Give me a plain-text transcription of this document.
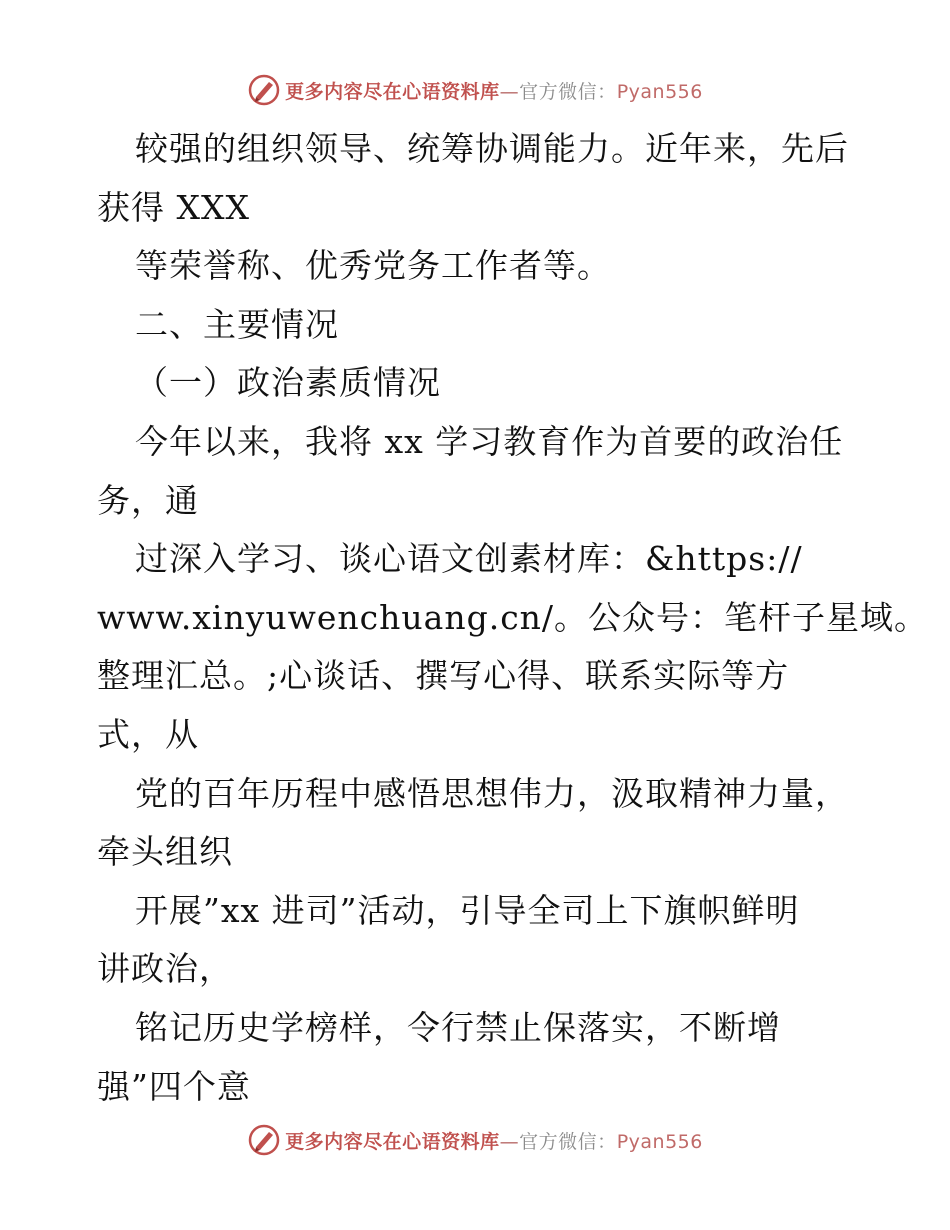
更多内容尽在心语资料库—官方微信：Pyan556
较强的组织领导、统筹协调能力。近年来，先后
获得 XXX
等荣誉称、优秀党务工作者等。
二、主要情况
（一）政治素质情况
今年以来，我将 xx 学习教育作为首要的政治任
务，通
过深入学习、谈心语文创素材库：&https://
www.xinyuwenchuang.cn/。公众号：笔杆子星域。
整理汇总。;心谈话、撰写心得、联系实际等方
式，从
党的百年历程中感悟思想伟力，汲取精神力量，
牵头组织
开展”xx 进司”活动，引导全司上下旗帜鲜明
讲政治，
铭记历史学榜样，令行禁止保落实，不断增
强”四个意
更多内容尽在心语资料库—官方微信：Pyan556
